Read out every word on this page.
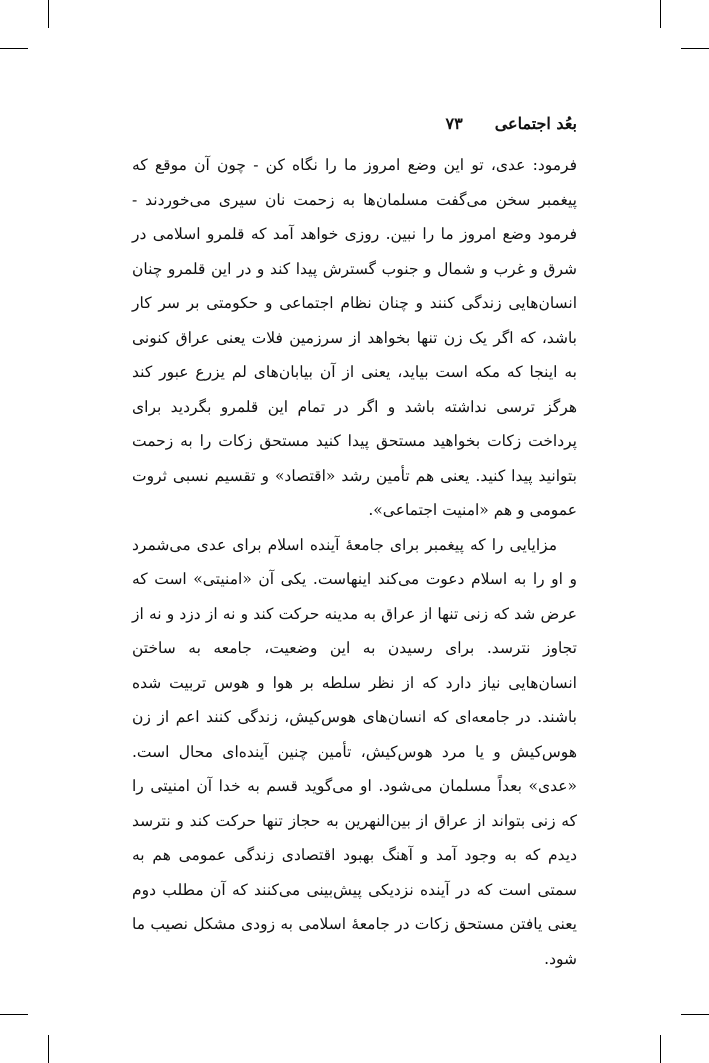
بعُد اجتماعی
۷۳

فرمود: عدی، تو این وضع امروز ما را نگاه کن - چون آن موقع که پیغمبر سخن می‌گفت مسلمان‌ها به زحمت نان سیری می‌خوردند - فرمود وضع امروز ما را نبین. روزی خواهد آمد که قلمرو اسلامی در شرق و غرب و شمال و جنوب گسترش پیدا کند و در این قلمرو چنان انسان‌هایی زندگی کنند و چنان نظام اجتماعی و حکومتی بر سر کار باشد، که اگر یک زن تنها بخواهد از سرزمین فلات یعنی عراق کنونی به اینجا که مکه است بیاید، یعنی از آن بیابان‌های لم یزرع عبور کند هرگز ترسی نداشته باشد و اگر در تمام این قلمرو بگردید برای پرداخت زکات بخواهید مستحق پیدا کنید مستحق زکات را به زحمت بتوانید پیدا کنید. یعنی هم تأمین رشد «اقتصاد» و تقسیم نسبی ثروت عمومی و هم «امنیت اجتماعی».

مزایایی را که پیغمبر برای جامعهٔ آینده اسلام برای عدی می‌شمرد و او را به اسلام دعوت می‌کند اینهاست. یکی آن «امنیتی» است که عرض شد که زنی تنها از عراق به مدینه حرکت کند و نه از دزد و نه از تجاوز نترسد. برای رسیدن به این وضعیت، جامعه به ساختن انسان‌هایی نیاز دارد که از نظر سلطه بر هوا و هوس تربیت شده باشند. در جامعه‌ای که انسان‌های هوس‌کیش، زندگی کنند اعم از زن هوس‌کیش و یا مرد هوس‌کیش، تأمین چنین آینده‌ای محال است. «عدی» بعداً مسلمان می‌شود. او می‌گوید قسم به خدا آن امنیتی را که زنی بتواند از عراق از بین‌النهرین به حجاز تنها حرکت کند و نترسد دیدم که به وجود آمد و آهنگ بهبود اقتصادی زندگی عمومی هم به سمتی است که در آینده نزدیکی پیش‌بینی می‌کنند که آن مطلب دوم یعنی یافتن مستحق زکات در جامعهٔ اسلامی به زودی مشکل نصیب ما شود.
